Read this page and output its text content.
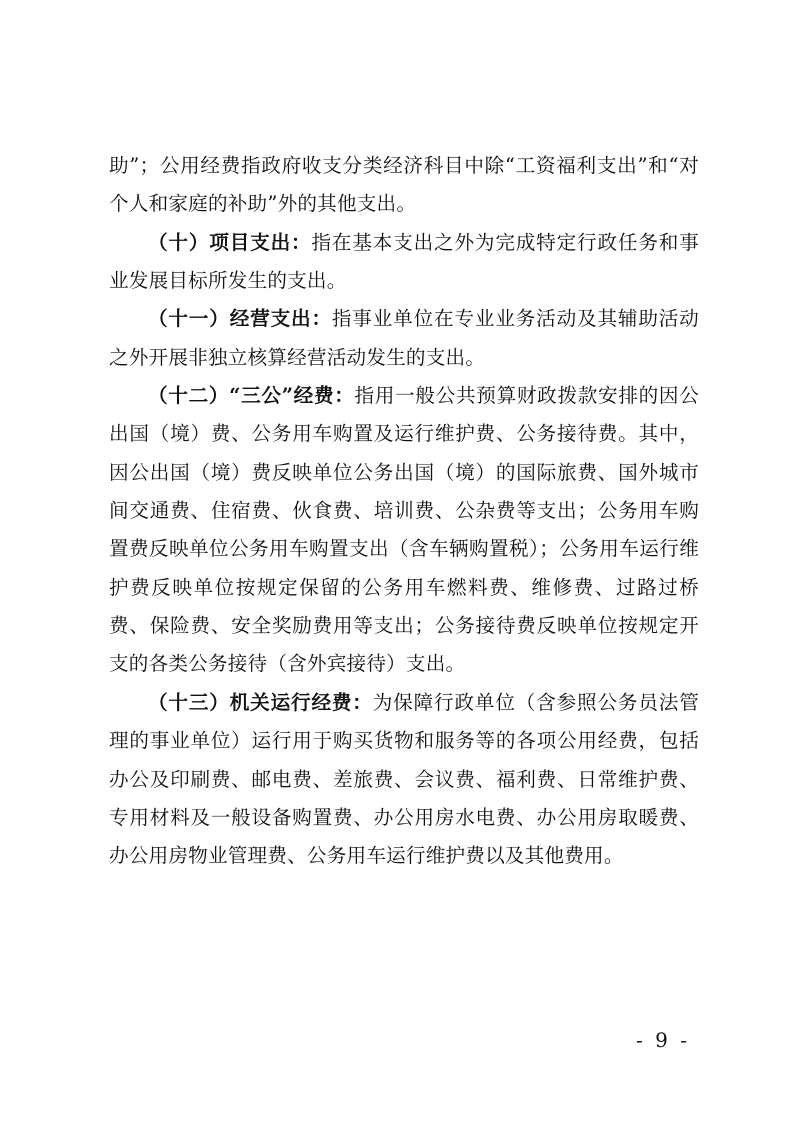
助”；公用经费指政府收支分类经济科目中除“工资福利支出”和“对个人和家庭的补助”外的其他支出。

（十）项目支出：指在基本支出之外为完成特定行政任务和事业发展目标所发生的支出。

（十一）经营支出：指事业单位在专业业务活动及其辅助活动之外开展非独立核算经营活动发生的支出。

（十二）“三公”经费：指用一般公共预算财政拨款安排的因公出国（境）费、公务用车购置及运行维护费、公务接待费。其中，因公出国（境）费反映单位公务出国（境）的国际旅费、国外城市间交通费、住宿费、伙食费、培训费、公杂费等支出；公务用车购置费反映单位公务用车购置支出（含车辆购置税）；公务用车运行维护费反映单位按规定保留的公务用车燃料费、维修费、过路过桥费、保险费、安全奖励费用等支出；公务接待费反映单位按规定开支的各类公务接待（含外宾接待）支出。

（十三）机关运行经费：为保障行政单位（含参照公务员法管理的事业单位）运行用于购买货物和服务等的各项公用经费，包括办公及印刷费、邮电费、差旅费、会议费、福利费、日常维护费、专用材料及一般设备购置费、办公用房水电费、办公用房取暖费、办公用房物业管理费、公务用车运行维护费以及其他费用。

- 9 -
